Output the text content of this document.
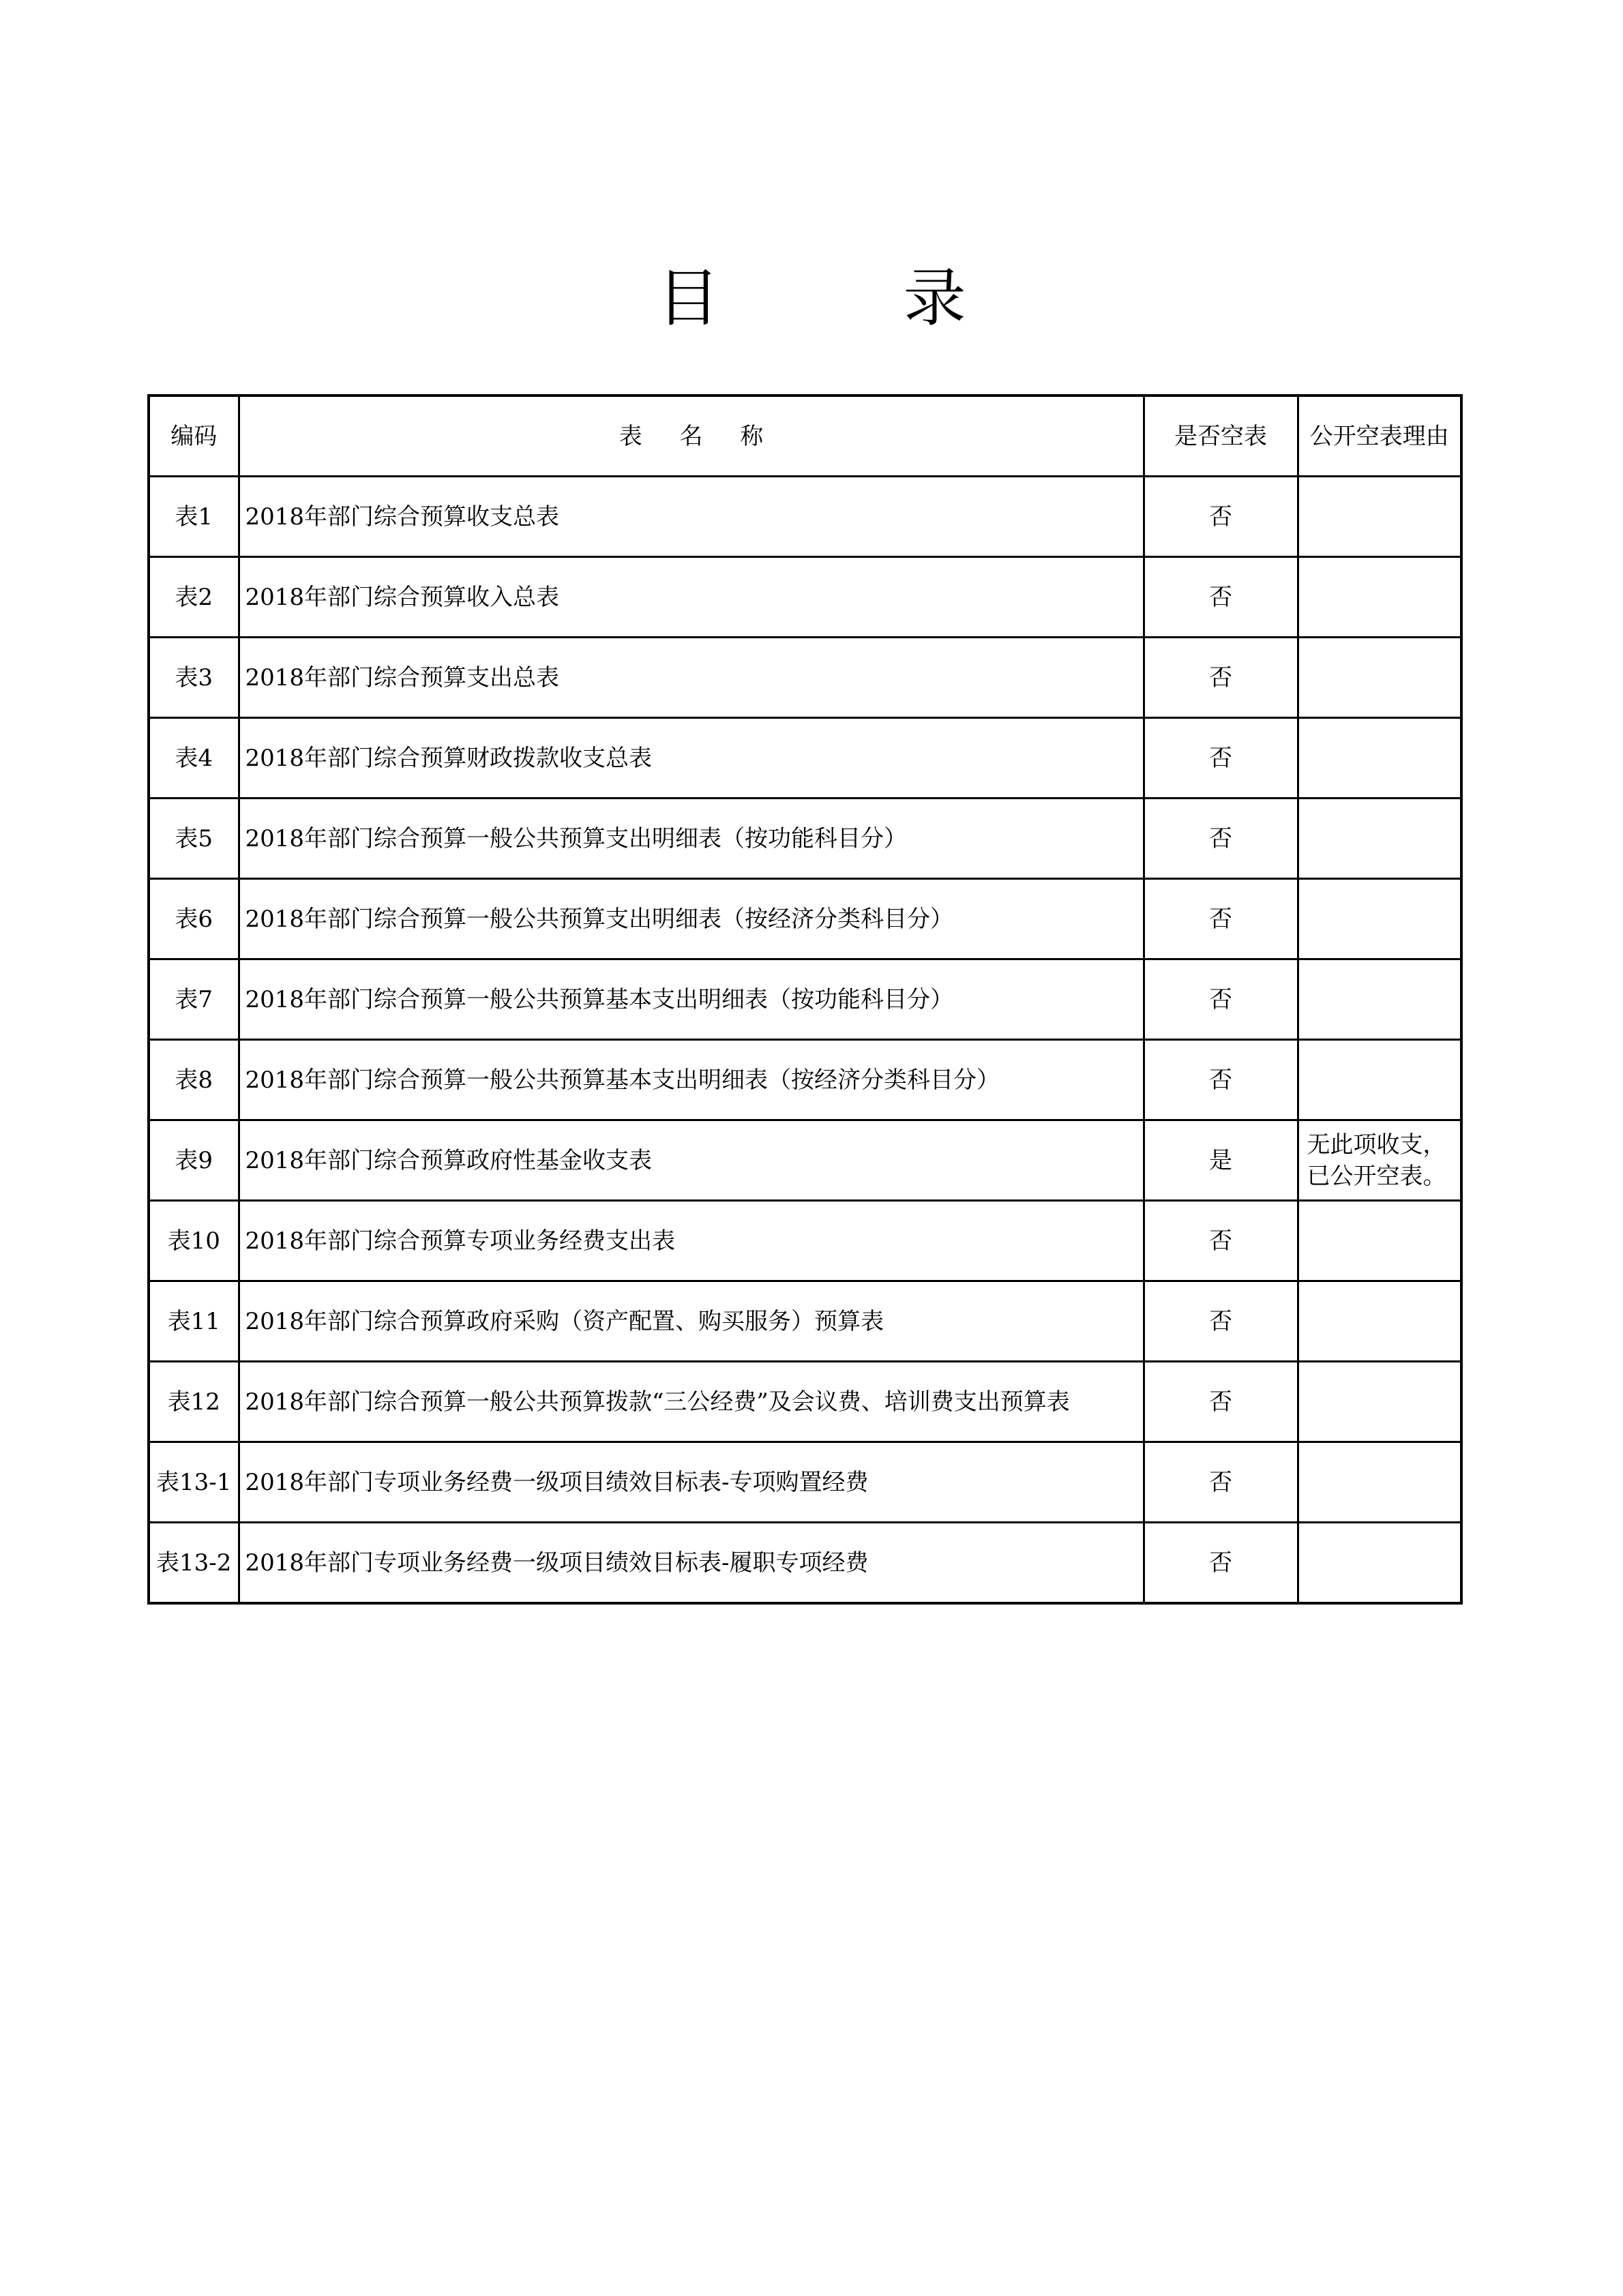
目 录
编码	表 名 称	是否空表	公开空表理由
表1	2018年部门综合预算收支总表	否	
表2	2018年部门综合预算收入总表	否	
表3	2018年部门综合预算支出总表	否	
表4	2018年部门综合预算财政拨款收支总表	否	
表5	2018年部门综合预算一般公共预算支出明细表（按功能科目分）	否	
表6	2018年部门综合预算一般公共预算支出明细表（按经济分类科目分）	否	
表7	2018年部门综合预算一般公共预算基本支出明细表（按功能科目分）	否	
表8	2018年部门综合预算一般公共预算基本支出明细表（按经济分类科目分）	否	
表9	2018年部门综合预算政府性基金收支表	是	无此项收支，已公开空表。
表10	2018年部门综合预算专项业务经费支出表	否	
表11	2018年部门综合预算政府采购（资产配置、购买服务）预算表	否	
表12	2018年部门综合预算一般公共预算拨款“三公经费”及会议费、培训费支出预算表	否	
表13-1	2018年部门专项业务经费一级项目绩效目标表-专项购置经费	否	
表13-2	2018年部门专项业务经费一级项目绩效目标表-履职专项经费	否	
